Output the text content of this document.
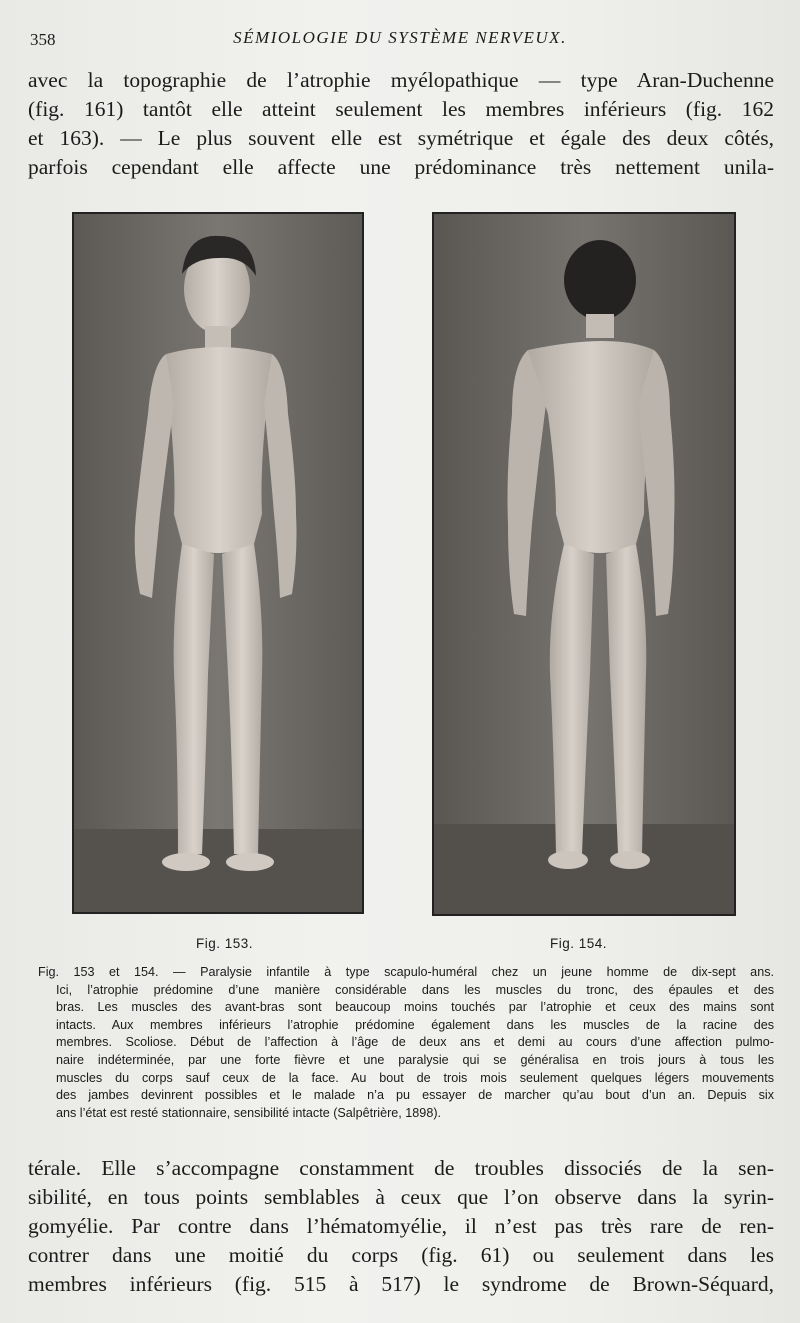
358	SÉMIOLOGIE DU SYSTÈME NERVEUX.
avec la topographie de l’atrophie myélopathique — type Aran-Duchenne
(fig. 161) tantôt elle atteint seulement les membres inférieurs (fig. 162
et 163). — Le plus souvent elle est symétrique et égale des deux côtés,
parfois cependant elle affecte une prédominance très nettement unila-
Fig. 153.	Fig. 154.
Fig. 153 et 154. — Paralysie infantile à type scapulo-huméral chez un jeune homme de dix-sept ans.
Ici, l’atrophie prédomine d’une manière considérable dans les muscles du tronc, des épaules et des
bras. Les muscles des avant-bras sont beaucoup moins touchés par l’atrophie et ceux des mains sont
intacts. Aux membres inférieurs l’atrophie prédomine également dans les muscles de la racine des
membres. Scoliose. Début de l’affection à l’âge de deux ans et demi au cours d’une affection pulmo-
naire indéterminée, par une forte fièvre et une paralysie qui se généralisa en trois jours à tous les
muscles du corps sauf ceux de la face. Au bout de trois mois seulement quelques légers mouvements
des jambes devinrent possibles et le malade n’a pu essayer de marcher qu’au bout d’un an. Depuis six
ans l’état est resté stationnaire, sensibilité intacte (Salpêtrière, 1898).
térale. Elle s’accompagne constamment de troubles dissociés de la sen-
sibilité, en tous points semblables à ceux que l’on observe dans la syrin-
gomyélie. Par contre dans l’hématomyélie, il n’est pas très rare de ren-
contrer dans une moitié du corps (fig. 61) ou seulement dans les
membres inférieurs (fig. 515 à 517) le syndrome de Brown-Séquard,
